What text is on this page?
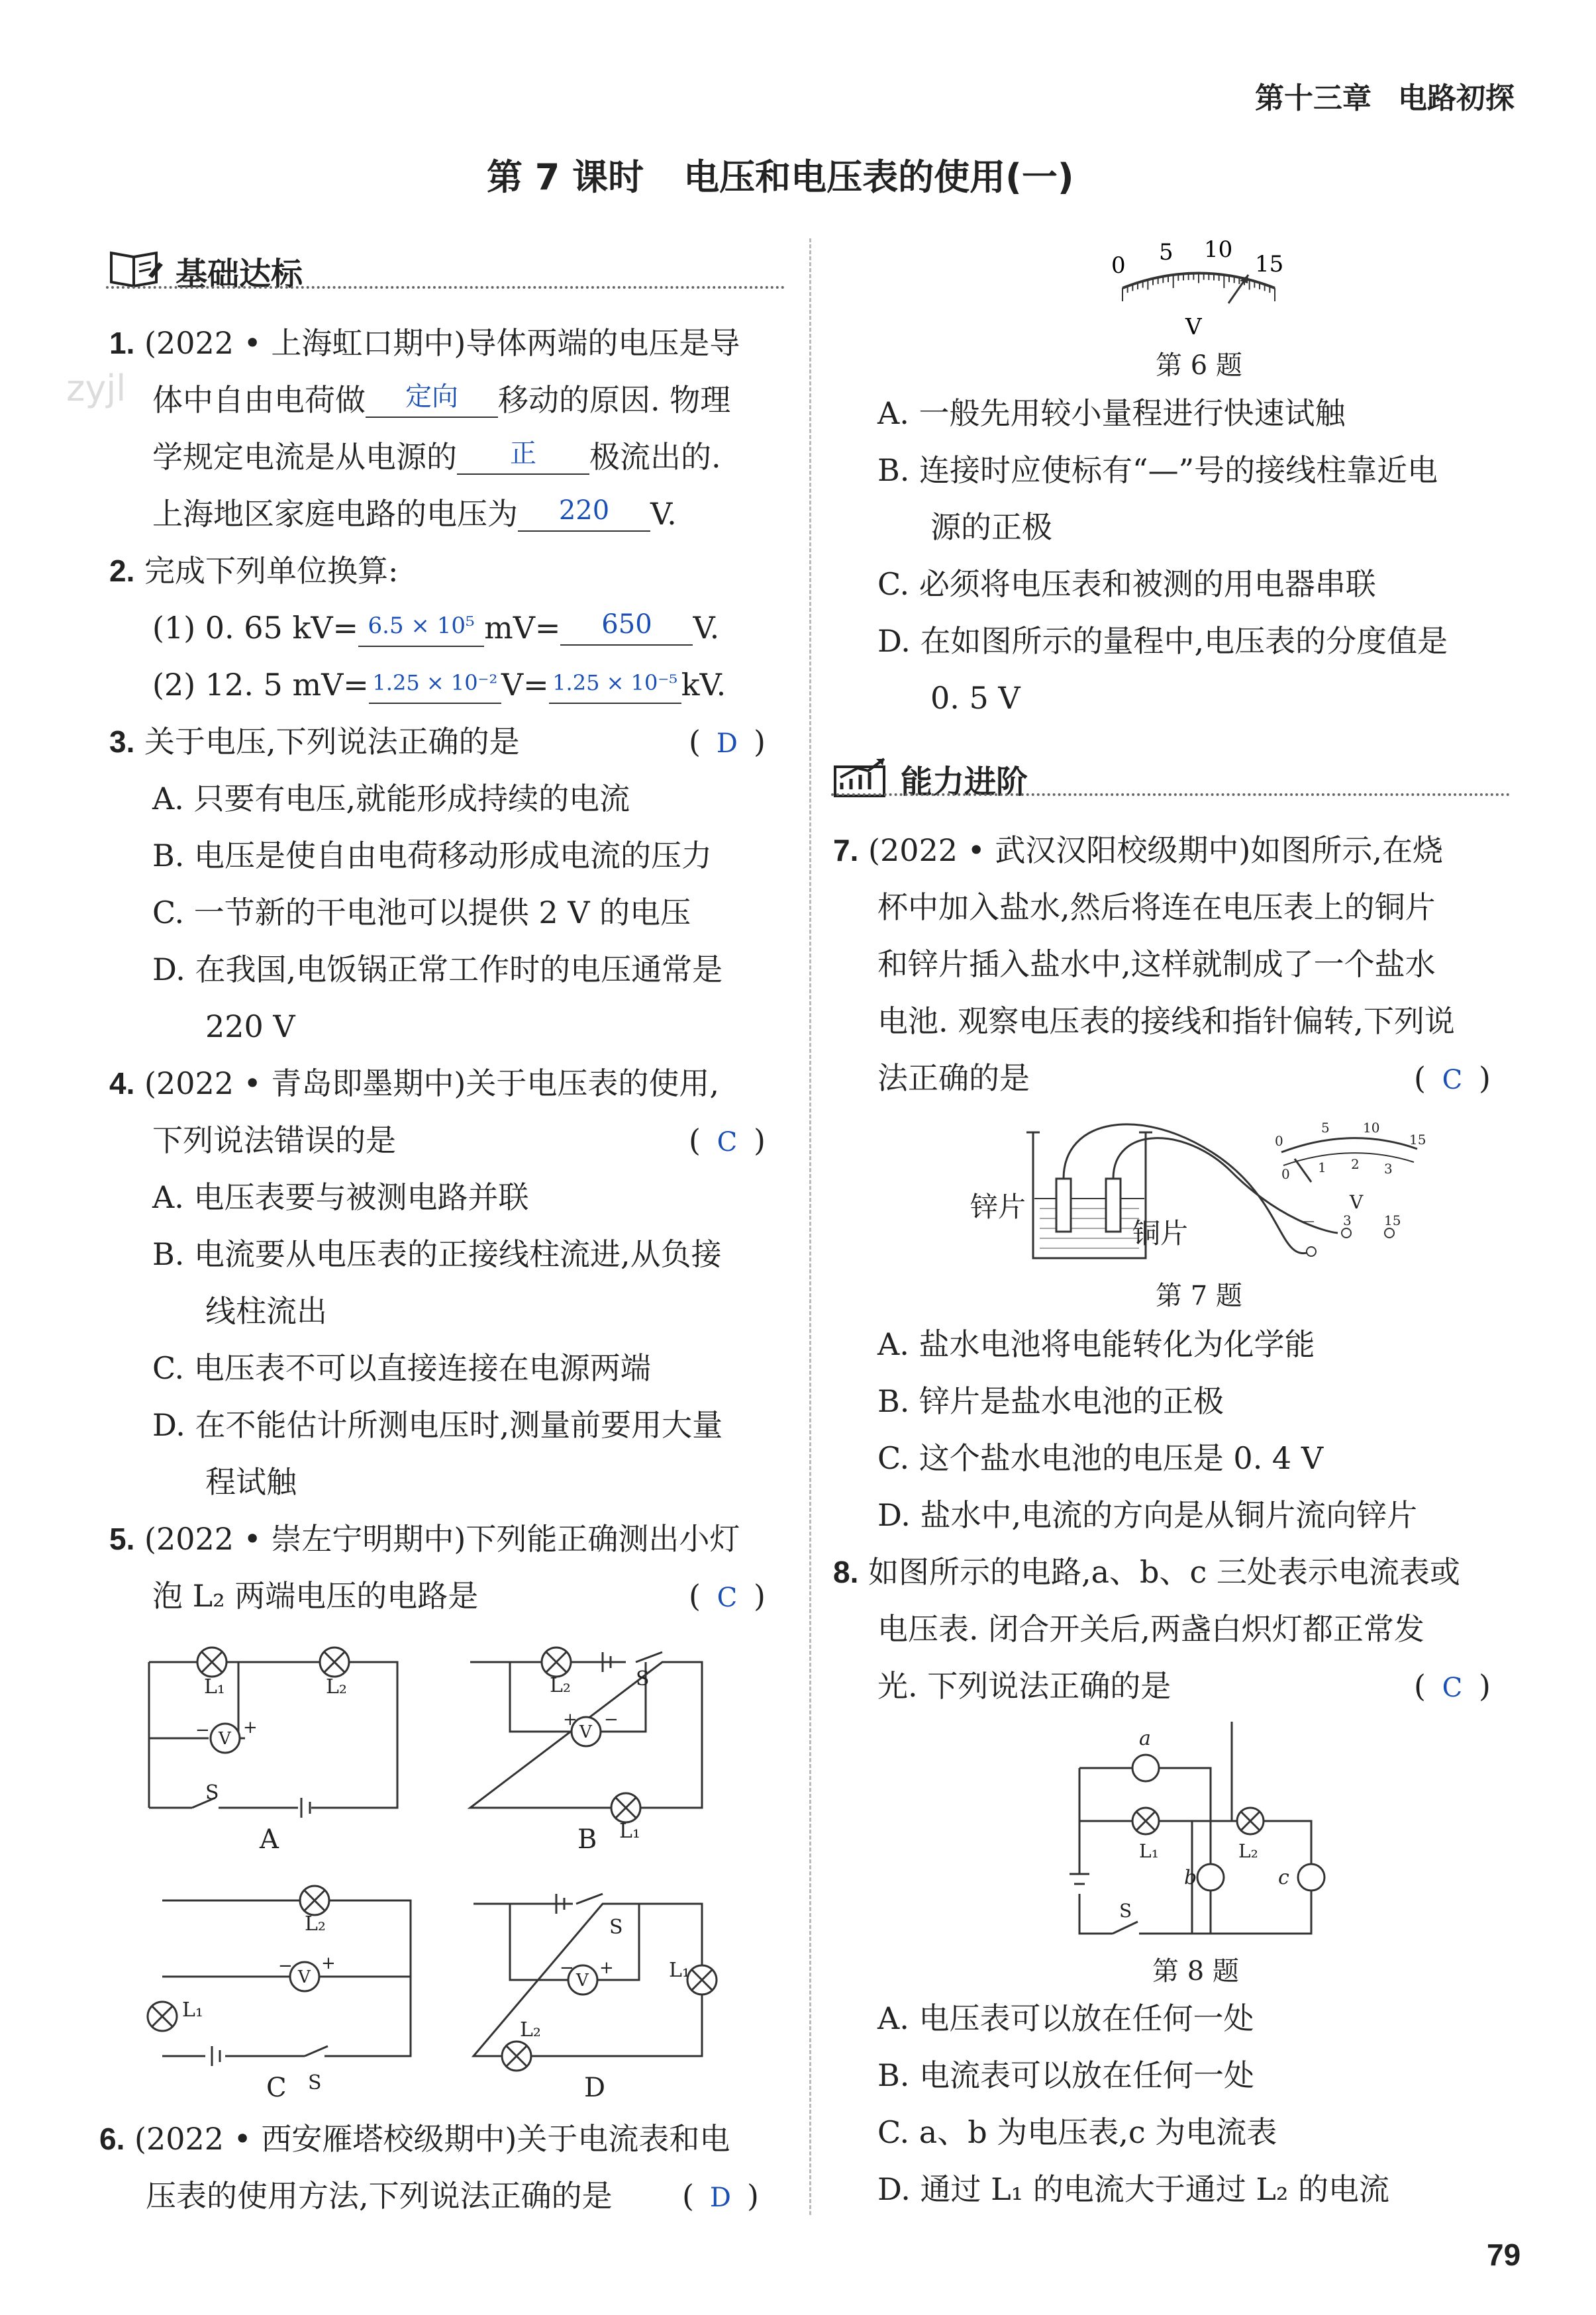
第十三章 电路初探
第 7 课时 电压和电压表的使用(一)
zyjl
基础达标
1. (2022 • 上海虹口期中)导体两端的电压是导
体中自由电荷做 定向 移动的原因. 物理
学规定电流是从电源的 正 极流出的.
上海地区家庭电路的电压为 220 V.
2. 完成下列单位换算:
(1) 0. 65 kV= 6.5 × 10⁵ mV= 650 V.
(2) 12. 5 mV= 1.25 × 10⁻² V= 1.25 × 10⁻⁵ kV.
3. 关于电压,下列说法正确的是	( D )
A. 只要有电压,就能形成持续的电流
B. 电压是使自由电荷移动形成电流的压力
C. 一节新的干电池可以提供 2 V 的电压
D. 在我国,电饭锅正常工作时的电压通常是
220 V
4. (2022 • 青岛即墨期中)关于电压表的使用,
下列说法错误的是	( C )
A. 电压表要与被测电路并联
B. 电流要从电压表的正接线柱流进,从负接
线柱流出
C. 电压表不可以直接连接在电源两端
D. 在不能估计所测电压时,测量前要用大量
程试触
5. (2022 • 崇左宁明期中)下列能正确测出小灯
泡 L₂ 两端电压的电路是	( C )
V	V
V	V
− +	+ −
− +	− +
L₁	L₂
S
L₂	S
L₁
L₂
L₁
S
S
L₂
L₁
A	B
C	D
6. (2022 • 西安雁塔校级期中)关于电流表和电
压表的使用方法,下列说法正确的是 ( D )
0 5 10
15
V
第 6 题
A. 一般先用较小量程进行快速试触
B. 连接时应使标有“—”号的接线柱靠近电
源的正极
C. 必须将电压表和被测的用电器串联
D. 在如图所示的量程中,电压表的分度值是
0. 5 V
能力进阶
7. (2022 • 武汉汉阳校级期中)如图所示,在烧
杯中加入盐水,然后将连在电压表上的铜片
和锌片插入盐水中,这样就制成了一个盐水
电池. 观察电压表的接线和指针偏转,下列说
法正确的是	( C )
0
5	10
15
0 1 2 3
V
— 3 15
锌片
铜片
第 7 题
A. 盐水电池将电能转化为化学能
B. 锌片是盐水电池的正极
C. 这个盐水电池的电压是 0. 4 V
D. 盐水中,电流的方向是从铜片流向锌片
8. 如图所示的电路,a、b、c 三处表示电流表或
电压表. 闭合开关后,两盏白炽灯都正常发
光. 下列说法正确的是	( C )
a
b	c
L₁	L₂
S
第 8 题
A. 电压表可以放在任何一处
B. 电流表可以放在任何一处
C. a、b 为电压表,c 为电流表
D. 通过 L₁ 的电流大于通过 L₂ 的电流
79
